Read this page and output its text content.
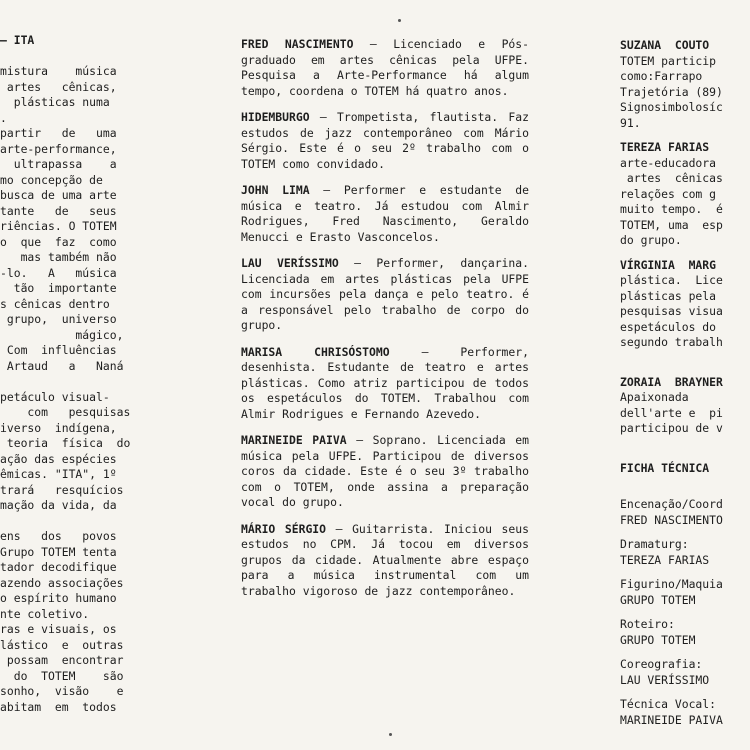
– ITA

mistura    música

artes   cênicas,

plásticas numa

.

partir   de   uma

arte-performance,

ultrapassa    a

mo concepção de

busca de uma arte

tante   de   seus

riências. O TOTEM

o  que  faz  como

mas também não

-lo.   A   música

tão  importante

s cênicas dentro

grupo,  universo

mágico,

Com  influências

Artaud   a   Naná

petáculo visual-

com   pesquisas

iverso  indígena,

teoria  física  do

ação das espécies

êmicas. "ITA", 1º

trará   resquícios

mação da vida, da

ens   dos   povos

Grupo TOTEM tenta

tador decodifique

azendo associações

o espírito humano

nte coletivo.

ras e visuais, os

lástico  e  outras

possam  encontrar

do  TOTEM    são

sonho,  visão    e

abitam  em  todos

FRED NASCIMENTO – Licenciado e Pós-graduado em artes cênicas pela UFPE. Pesquisa a Arte-Performance há algum tempo, coordena o TOTEM há quatro anos.

HIDEMBURGO – Trompetista, flautista. Faz estudos de jazz contemporâneo com Mário Sérgio. Este é o seu 2º trabalho com o TOTEM como convidado.

JOHN LIMA – Performer e estudante de música e teatro. Já estudou com Almir Rodrigues, Fred Nascimento, Geraldo Menucci e Erasto Vasconcelos.

LAU VERÍSSIMO – Performer, dançarina. Licenciada em artes plásticas pela UFPE com incursões pela dança e pelo teatro. é a responsável pelo trabalho de corpo do grupo.

MARISA CHRISÓSTOMO – Performer, desenhista. Estudante de teatro e artes plásticas. Como atriz participou de todos os espetáculos do TOTEM. Trabalhou com Almir Rodrigues e Fernando Azevedo.

MARINEIDE PAIVA – Soprano. Licenciada em música pela UFPE. Participou de diversos coros da cidade. Este é o seu 3º trabalho com o TOTEM, onde assina a preparação vocal do grupo.

MÁRIO SÉRGIO – Guitarrista. Iniciou seus estudos no CPM. Já tocou em diversos grupos da cidade. Atualmente abre espaço para a música instrumental com um trabalho vigoroso de jazz contemporâneo.

SUZANA  COUTO

TOTEM particip

como:Farrapo

Trajetória (89)

Signosimbolosíc

91.

TEREZA FARIAS

arte-educadora

artes  cênicas

relações com g

muito tempo.  é

TOTEM, uma  esp

do grupo.

VÍRGINIA  MARG

plástica.  Lice

plásticas pela

pesquisas visua

espetáculos do

segundo trabalh

ZORAIA  BRAYNER

Apaixonada

dell'arte e  pi

participou de v

FICHA TÉCNICA

Encenação/Coord
FRED NASCIMENTO
Dramaturg:
TEREZA FARIAS
Figurino/Maquia
GRUPO TOTEM
Roteiro:
GRUPO TOTEM
Coreografia:
LAU VERÍSSIMO
Técnica Vocal:
MARINEIDE PAIVA
